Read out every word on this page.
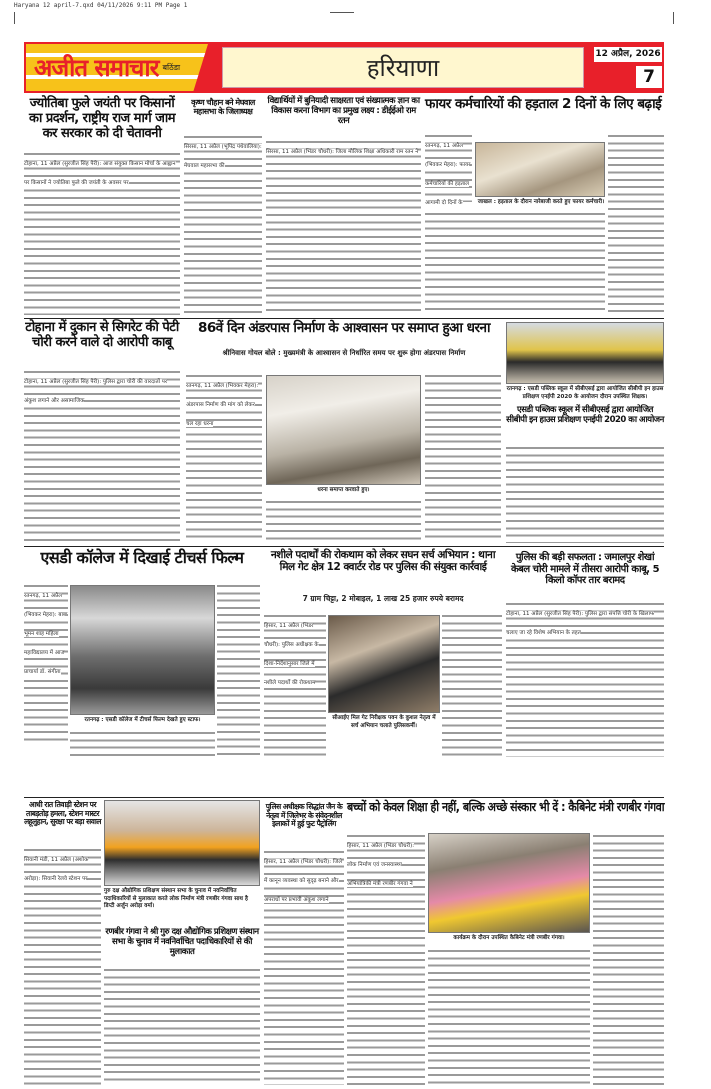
Haryana 12 april-7.qxd 04/11/2026 9:11 PM Page 1
अजीत समाचार बठिंडा	हरियाणा	12 अप्रैल, 2026
7
ज्योतिबा फुले जयंती पर किसानों का प्रदर्शन, राष्ट्रीय राज मार्ग जाम कर सरकार को दी चेतावनी
टोहाना, 11 अप्रैल (सुरजीत सिंह पैरी): आज संयुक्त किसान मोर्चा के आह्वान पर किसानों ने ज्योतिबा फुले की जयंती के अवसर पर
कृष्ण चौहान बने मेघवाल महासभा के जिलाध्यक्ष
सिरसा, 11 अप्रैल (भूपिंद्र पंथेवालिया): मेघवाल महासभा की
विद्यार्थियों में बुनियादी साक्षरता एवं संख्यात्मक ज्ञान का विकास करना विभाग का प्रमुख लक्ष्य : डीईईओ राम रतन
सिरसा, 11 अप्रैल (भिंडर चौधरी): जिला मौलिक शिक्षा अधिकारी राम रतन ने
फायर कर्मचारियों की हड़ताल 2 दिनों के लिए बढ़ाई
रतनगढ़, 11 अप्रैल (भिवकर मेहरा): फायर कर्मचारियों की हड़ताल आगामी दो दिनों के	जाखल : हड़ताल के दौरान नारेबाजी करते हुए फायर कर्मचारी।
टोहाना में दुकान से सिगरेट की पेटी चोरी करने वाले दो आरोपी काबू
टोहाना, 11 अप्रैल (सुरजीत सिंह पैरी): पुलिस द्वारा चोरी की वारदातों पर अंकुश लगाने और असामाजिक
86वें दिन अंडरपास निर्माण के आश्वासन पर समाप्त हुआ धरना
श्रीनिवास गोयल बोले : मुख्यमंत्री के आश्वासन से निर्धारित समय पर शुरू होगा अंडरपास निर्माण
रतनगढ़, 11 अप्रैल (भिवकर मेहरा): अंडरपास निर्माण की मांग को लेकर चल रहा धरना
धरना समाप्त करवाते हुए।
रतनगढ़ : एसडी पब्लिक स्कूल में सीबीएसई द्वारा आयोजित सीबीपी इन हाउस प्रशिक्षण एनईपी 2020 के आयोजन दौरान उपस्थित शिक्षक।
एसडी पब्लिक स्कूल में सीबीएसई द्वारा आयोजित सीबीपी इन हाउस प्रशिक्षण एनईपी 2020 का आयोजन
एसडी कॉलेज में दिखाई टीचर्स फिल्म
रतनगढ़, 11 अप्रैल (भिवकर मेहरा): बाबा भूमन शाह महिला महाविद्यालय में आज प्राचार्या डॉ. संगीता
रतनगढ़ : एसडी कॉलेज में टीचर्स फिल्म देखते हुए स्टाफ।
नशीले पदार्थों की रोकथाम को लेकर सघन सर्च अभियान : थाना मिल गेट क्षेत्र 12 क्वार्टर रोड पर पुलिस की संयुक्त कार्रवाई
7 ग्राम चिट्टा, 2 मोबाइल, 1 लाख 25 हजार रुपये बरामद
हिसार, 11 अप्रैल (भिंडर चौधरी): पुलिस अधीक्षक के दिशा-निर्देशानुसार जिले में नशीले पदार्थों की रोकथाम
सीआईए मिल गेट निरीक्षक पवन के कुशल नेतृत्व में सर्च अभियान चलाते पुलिसकर्मी।
पुलिस की बड़ी सफलता : जमालपुर शेखां केबल चोरी मामले में तीसरा आरोपी काबू, 5 किलो कॉपर तार बरामद
टोहाना, 11 अप्रैल (सुरजीत सिंह पैरी): पुलिस द्वारा संपत्ति चोरी के खिलाफ चलाए जा रहे विशेष अभियान के तहत
आधी रात तिवाड़ी स्टेशन पर ताबड़तोड़ हमला, स्टेशन मास्टर लहूलुहान, सुरक्षा पर बड़ा सवाल
सिवानी मंडी, 11 अप्रैल (अशोक अरोड़ा): सिवानी रेलवे स्टेशन पर
गुरु दक्ष औद्योगिक प्रशिक्षण संस्थान सभा के चुनाव में नवनिर्वाचित पदाधिकारियों से मुलाकात करते लोक निर्माण मंत्री रणबीर गंगवा साथ है डिप्टी अर्जुन अरोड़ा वर्मा।
रणबीर गंगवा ने श्री गुरु दक्ष औद्योगिक प्रशिक्षण संस्थान सभा के चुनाव में नवनिर्वाचित पदाधिकारियों से की मुलाकात
पुलिस अधीक्षक सिद्धांत जैन के नेतृत्व में जिलेभर के संवेदनशील इलाकों में हुई फुट पैट्रोलिंग
हिसार, 11 अप्रैल (भिंडर चौधरी): जिले में कानून व्यवस्था को सुदृढ़ बनाने और अपराधों पर प्रभावी अंकुश लगाने
बच्चों को केवल शिक्षा ही नहीं, बल्कि अच्छे संस्कार भी दें : कैबिनेट मंत्री रणबीर गंगवा
हिसार, 11 अप्रैल (भिंडर चौधरी): लोक निर्माण एवं जनस्वास्थ्य अभियांत्रिकी मंत्री रणबीर गंगवा ने
कार्यक्रम के दौरान उपस्थित कैबिनेट मंत्री रणबीर गंगवा।
